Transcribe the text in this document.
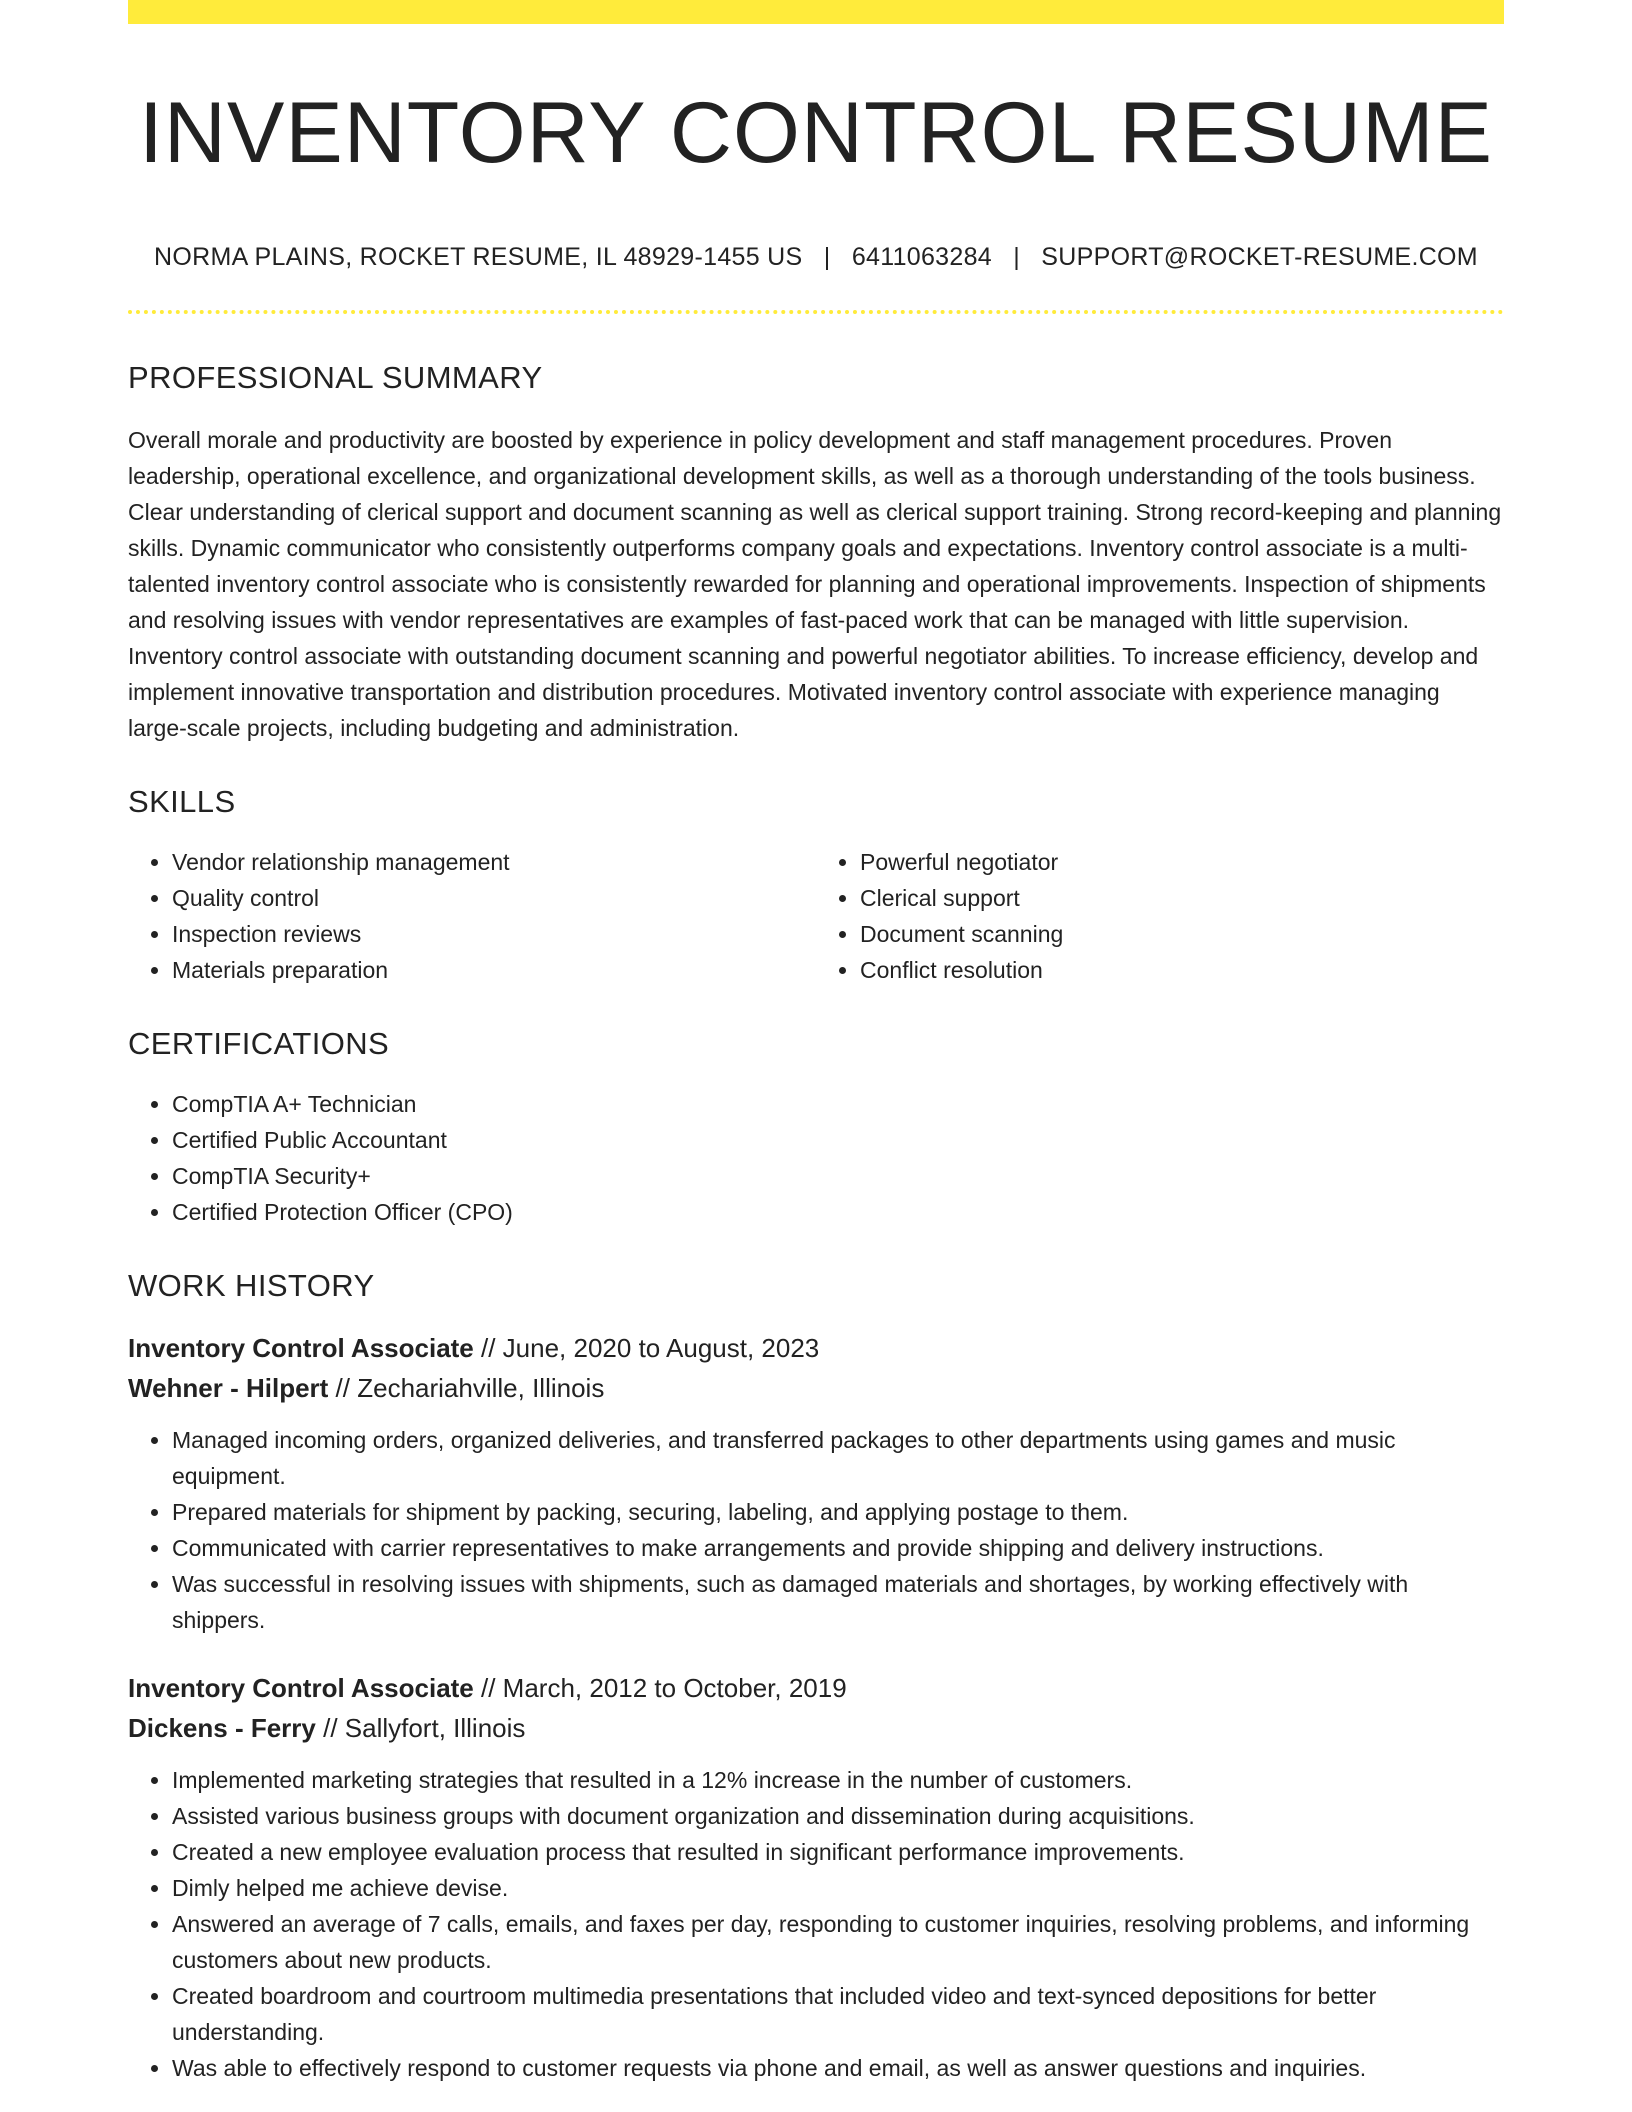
INVENTORY CONTROL RESUME
NORMA PLAINS, ROCKET RESUME, IL 48929-1455 US | 6411063284 | SUPPORT@ROCKET-RESUME.COM
PROFESSIONAL SUMMARY

Overall morale and productivity are boosted by experience in policy development and staff management procedures. Proven leadership, operational excellence, and organizational development skills, as well as a thorough understanding of the tools business. Clear understanding of clerical support and document scanning as well as clerical support training. Strong record-keeping and planning skills. Dynamic communicator who consistently outperforms company goals and expectations. Inventory control associate is a multi-talented inventory control associate who is consistently rewarded for planning and operational improvements. Inspection of shipments and resolving issues with vendor representatives are examples of fast-paced work that can be managed with little supervision. Inventory control associate with outstanding document scanning and powerful negotiator abilities. To increase efficiency, develop and implement innovative transportation and distribution procedures. Motivated inventory control associate with experience managing large-scale projects, including budgeting and administration.

SKILLS
• Vendor relationship management
• Quality control
• Inspection reviews
• Materials preparation
• Powerful negotiator
• Clerical support
• Document scanning
• Conflict resolution
CERTIFICATIONS
• CompTIA A+ Technician
• Certified Public Accountant
• CompTIA Security+
• Certified Protection Officer (CPO)
WORK HISTORY
Inventory Control Associate // June, 2020 to August, 2023
Wehner - Hilpert // Zechariahville, Illinois
• Managed incoming orders, organized deliveries, and transferred packages to other departments using games and music equipment.
• Prepared materials for shipment by packing, securing, labeling, and applying postage to them.
• Communicated with carrier representatives to make arrangements and provide shipping and delivery instructions.
• Was successful in resolving issues with shipments, such as damaged materials and shortages, by working effectively with shippers.
Inventory Control Associate // March, 2012 to October, 2019
Dickens - Ferry // Sallyfort, Illinois
• Implemented marketing strategies that resulted in a 12% increase in the number of customers.
• Assisted various business groups with document organization and dissemination during acquisitions.
• Created a new employee evaluation process that resulted in significant performance improvements.
• Dimly helped me achieve devise.
• Answered an average of 7 calls, emails, and faxes per day, responding to customer inquiries, resolving problems, and informing customers about new products.
• Created boardroom and courtroom multimedia presentations that included video and text-synced depositions for better understanding.
• Was able to effectively respond to customer requests via phone and email, as well as answer questions and inquiries.
